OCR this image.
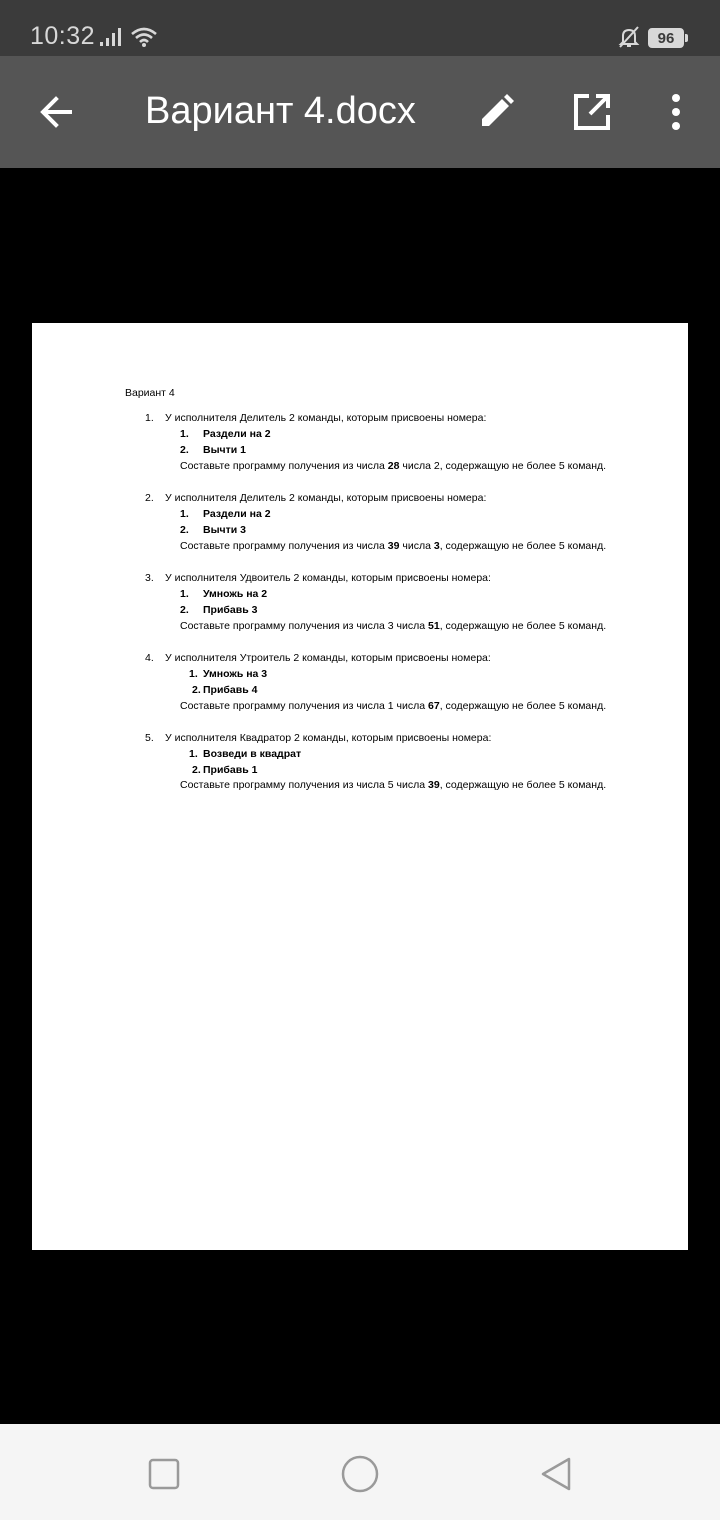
10:32	96
Вариант 4.docx
Вариант 4
1. У исполнителя Делитель 2 команды, которым присвоены номера:
1. Раздели на 2
2. Вычти 1
Составьте программу получения из числа 28 числа 2, содержащую не более 5 команд.
2. У исполнителя Делитель 2 команды, которым присвоены номера:
1. Раздели на 2
2. Вычти 3
Составьте программу получения из числа 39 числа 3, содержащую не более 5 команд.
3. У исполнителя Удвоитель 2 команды, которым присвоены номера:
1. Умножь на 2
2. Прибавь 3
Составьте программу получения из числа 3 числа 51, содержащую не более 5 команд.
4. У исполнителя Утроитель 2 команды, которым присвоены номера:
1. Умножь на 3
2. Прибавь 4
Составьте программу получения из числа 1 числа 67, содержащую не более 5 команд.
5. У исполнителя Квадратор 2 команды, которым присвоены номера:
1. Возведи в квадрат
2. Прибавь 1
Составьте программу получения из числа 5 числа 39, содержащую не более 5 команд.
